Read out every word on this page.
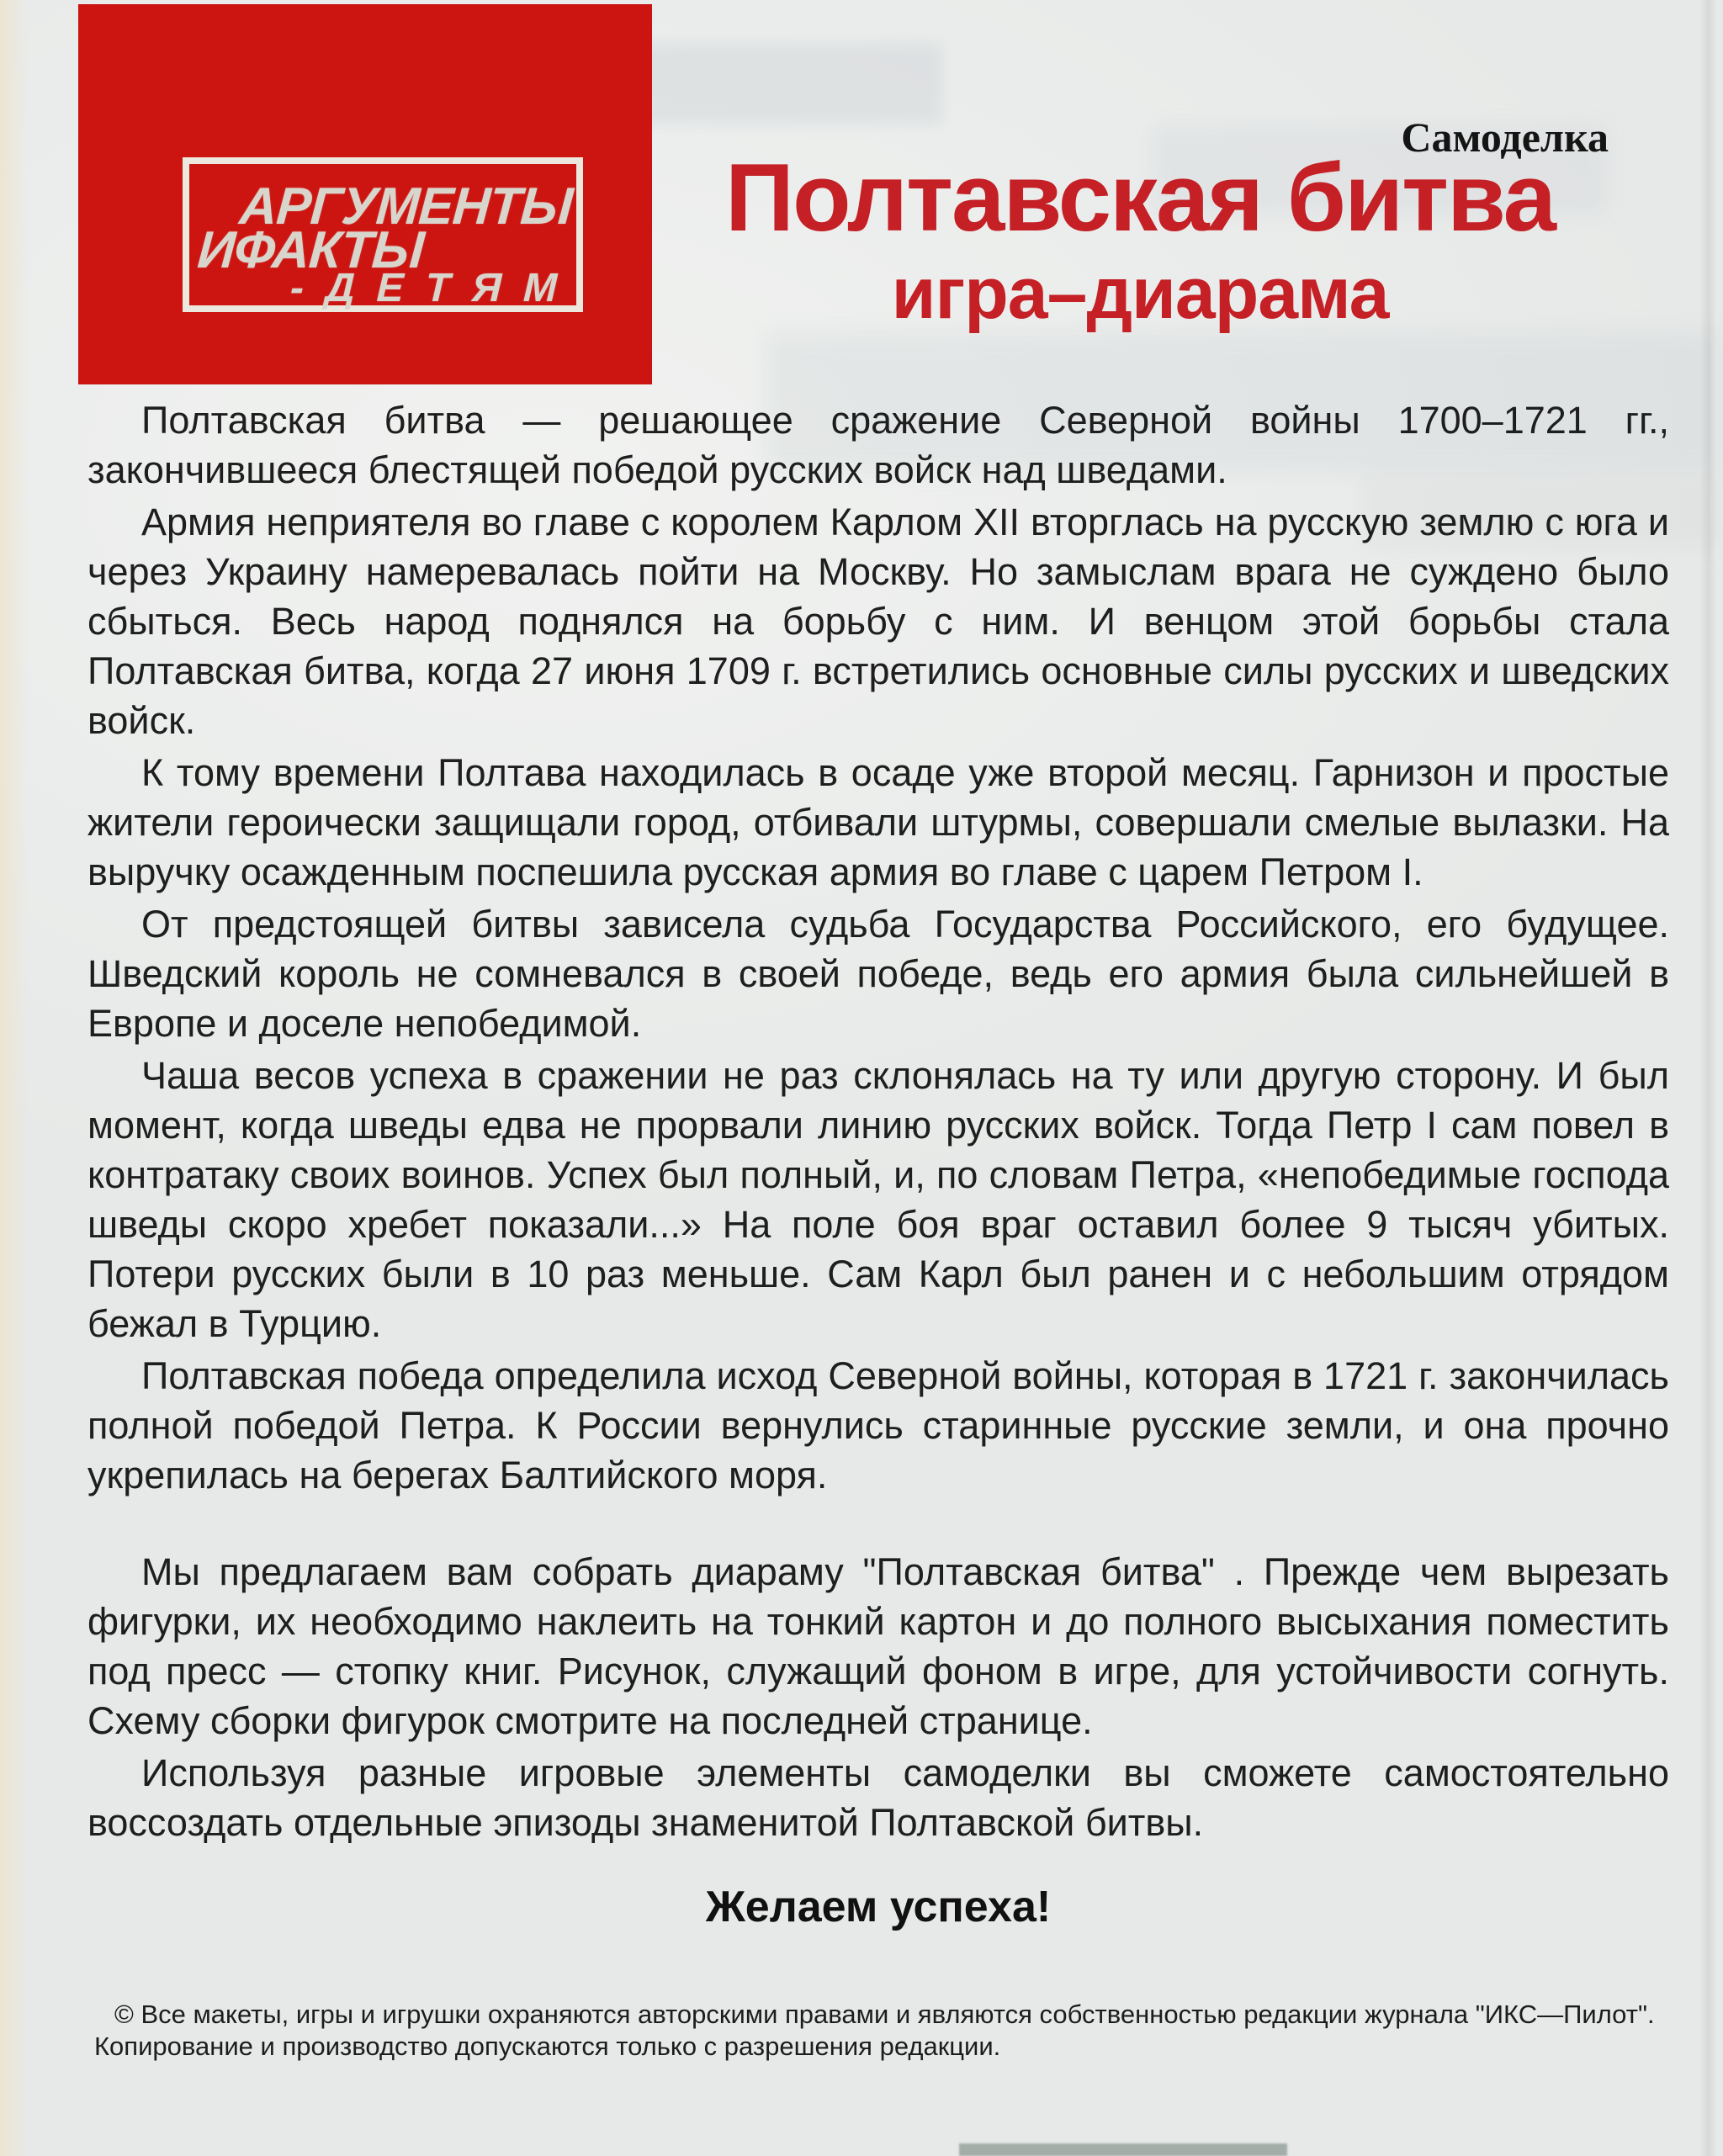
АРГУМЕНТЫ
ИФАКТЫ
-ДЕТЯМ
Самоделка
Полтавская битва
игра–диарама

Полтавская битва — решающее сражение Северной войны 1700–1721 гг., закончившееся блестящей победой русских войск над шведами.

Армия неприятеля во главе с королем Карлом XII вторглась на русскую землю с юга и через Украину намеревалась пойти на Москву. Но замыслам врага не суждено было сбыться. Весь народ поднялся на борьбу с ним. И венцом этой борьбы стала Полтавская битва, когда 27 июня 1709 г. встретились основные силы русских и шведских войск.

К тому времени Полтава находилась в осаде уже второй месяц. Гарнизон и простые жители героически защищали город, отбивали штурмы, совершали смелые вылазки. На выручку осажденным поспешила русская армия во главе с царем Петром I.

От предстоящей битвы зависела судьба Государства Российского, его будущее. Шведский король не сомневался в своей победе, ведь его армия была сильнейшей в Европе и доселе непобедимой.

Чаша весов успеха в сражении не раз склонялась на ту или другую сторону. И был момент, когда шведы едва не прорвали линию русских войск. Тогда Петр I сам повел в контратаку своих воинов. Успех был полный, и, по словам Петра, «непобедимые господа шведы скоро хребет показали...» На поле боя враг оставил более 9 тысяч убитых. Потери русских были в 10 раз меньше. Сам Карл был ранен и с небольшим отрядом бежал в Турцию.

Полтавская победа определила исход Северной войны, которая в 1721 г. закончилась полной победой Петра. К России вернулись старинные русские земли, и она прочно укрепилась на берегах Балтийского моря.

Мы предлагаем вам собрать диараму "Полтавская битва" . Прежде чем вырезать фигурки, их необходимо наклеить на тонкий картон и до полного высыхания поместить под пресс — стопку книг. Рисунок, служащий фоном в игре, для устойчивости согнуть. Схему сборки фигурок смотрите на последней странице.

Используя разные игровые элементы самоделки вы сможете самостоятельно воссоздать отдельные эпизоды знаменитой Полтавской битвы.

Желаем успеха!
© Все макеты, игры и игрушки охраняются авторскими правами и являются собственностью редакции журнала "ИКС—Пилот".
Копирование и производство допускаются только с разрешения редакции.
